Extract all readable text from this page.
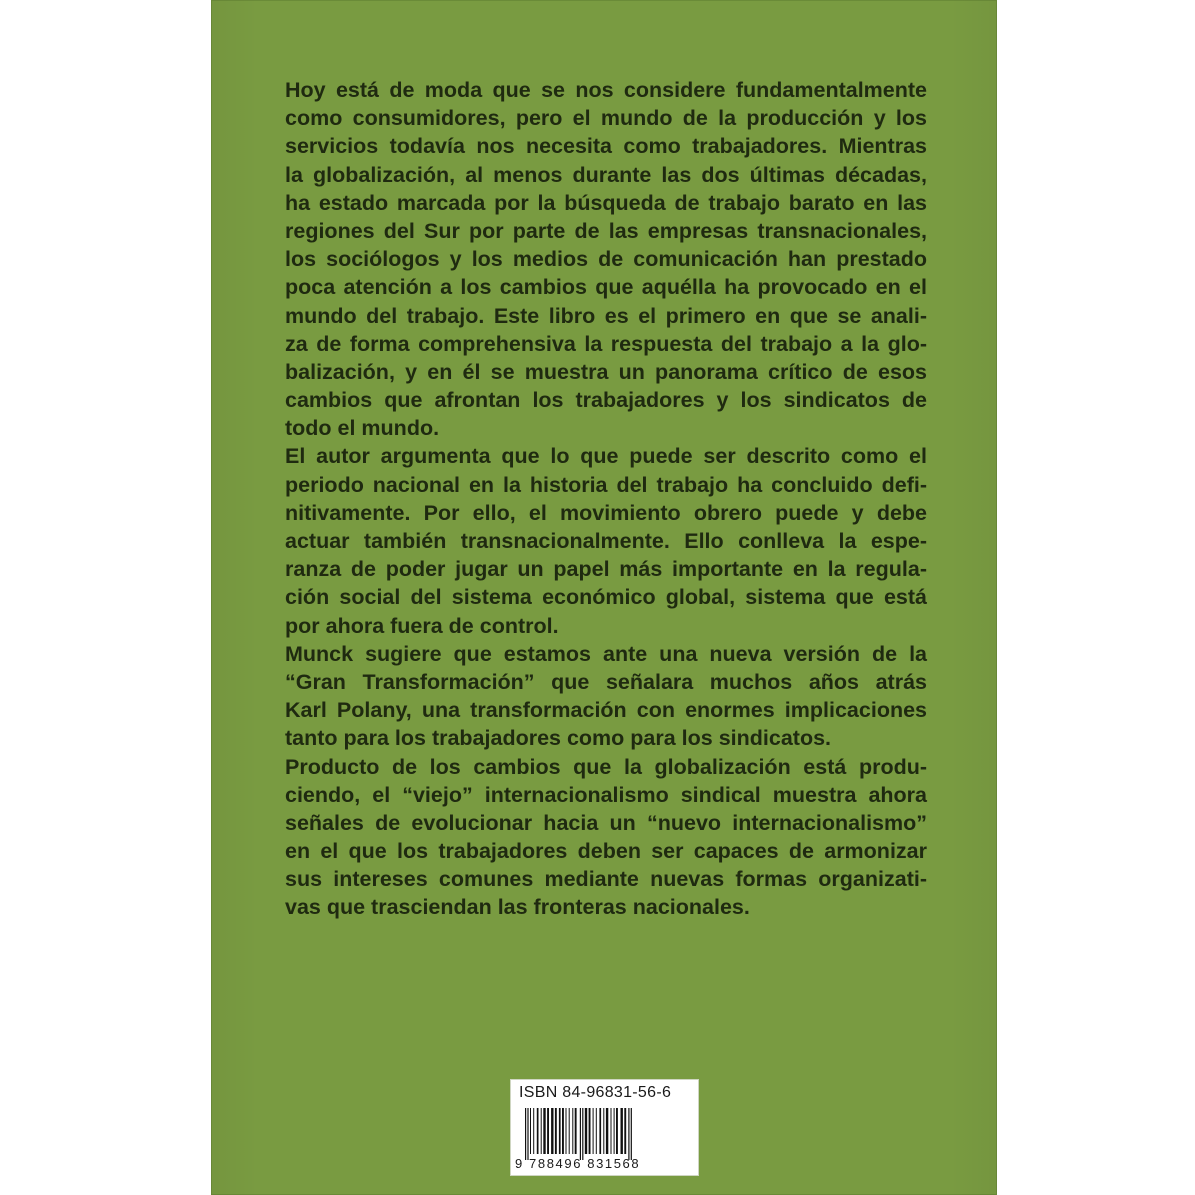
Hoy está de moda que se nos considere fundamentalmente
como consumidores, pero el mundo de la producción y los
servicios todavía nos necesita como trabajadores. Mientras
la globalización, al menos durante las dos últimas décadas,
ha estado marcada por la búsqueda de trabajo barato en las
regiones del Sur por parte de las empresas transnacionales,
los sociólogos y los medios de comunicación han prestado
poca atención a los cambios que aquélla ha provocado en el
mundo del trabajo. Este libro es el primero en que se anali-
za de forma comprehensiva la respuesta del trabajo a la glo-
balización, y en él se muestra un panorama crítico de esos
cambios que afrontan los trabajadores y los sindicatos de
todo el mundo.
El autor argumenta que lo que puede ser descrito como el
periodo nacional en la historia del trabajo ha concluido defi-
nitivamente. Por ello, el movimiento obrero puede y debe
actuar también transnacionalmente. Ello conlleva la espe-
ranza de poder jugar un papel más importante en la regula-
ción social del sistema económico global, sistema que está
por ahora fuera de control.
Munck sugiere que estamos ante una nueva versión de la
“Gran Transformación” que señalara muchos años atrás
Karl Polany, una transformación con enormes implicaciones
tanto para los trabajadores como para los sindicatos.
Producto de los cambios que la globalización está produ-
ciendo, el “viejo” internacionalismo sindical muestra ahora
señales de evolucionar hacia un “nuevo internacionalismo”
en el que los trabajadores deben ser capaces de armonizar
sus intereses comunes mediante nuevas formas organizati-
vas que trasciendan las fronteras nacionales.
ISBN 84-96831-56-6
9 788496 831568
